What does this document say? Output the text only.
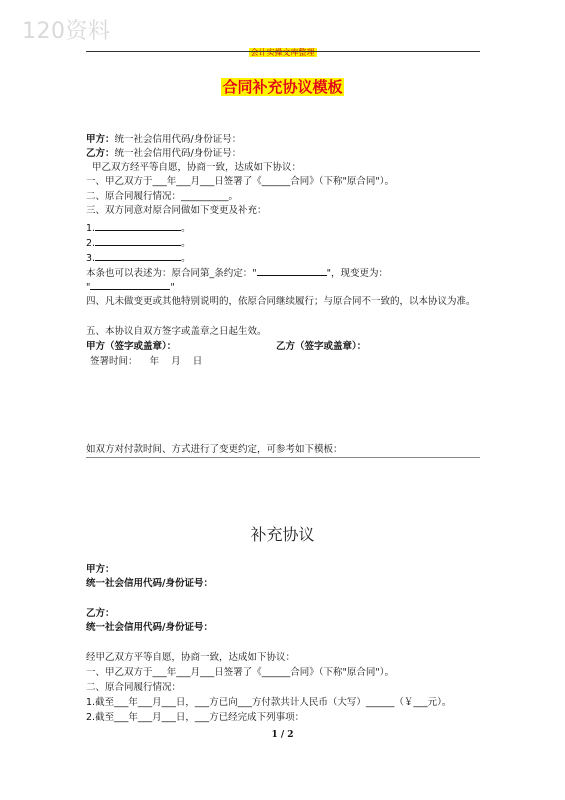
120资料
会计实操文库整理
合同补充协议模板
甲方：统一社会信用代码/身份证号：
乙方：统一社会信用代码/身份证号：
甲乙双方经平等自愿，协商一致，达成如下协议：
一、甲乙双方于___年___月___日签署了《______合同》（下称"原合同"）。
二、原合同履行情况：__________。
三、双方同意对原合同做如下变更及补充：
1.	。
2.	。
3.	。
本条也可以表述为：原合同第_条约定："	"，现变更为：
"	"
四、凡未做变更或其他特别说明的，依原合同继续履行；与原合同不一致的，以本协议为准。
五、本协议自双方签字或盖章之日起生效。
甲方（签字或盖章）：	乙方（签字或盖章）：
签署时间：    年    月    日
如双方对付款时间、方式进行了变更约定，可参考如下模板：
补充协议
甲方：
统一社会信用代码/身份证号：
乙方：
统一社会信用代码/身份证号：
经甲乙双方平等自愿，协商一致，达成如下协议：
一、甲乙双方于___年___月___日签署了《______合同》（下称"原合同"）。
二、原合同履行情况：
1.截至___年___月___日，___方已向___方付款共计人民币（大写）______（￥___元）。
2.截至___年___月___日，___方已经完成下列事项：
1 / 2
